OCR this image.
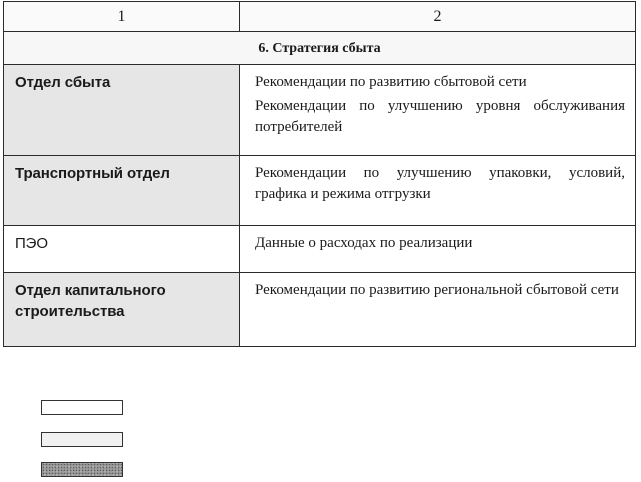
1	2
6. Стратегия сбыта	
Отдел сбыта	Рекомендации по развитию сбытовой сети

Рекомендации по улучшению уровня обслуживания потребителей

Транспортный отдел	Рекомендации по улучшению упаковки, условий, графика и режима отгрузки

ПЭО	Данные о расходах по реализации

Отдел капитального строительства	Рекомендации по развитию региональной сбытовой сети
